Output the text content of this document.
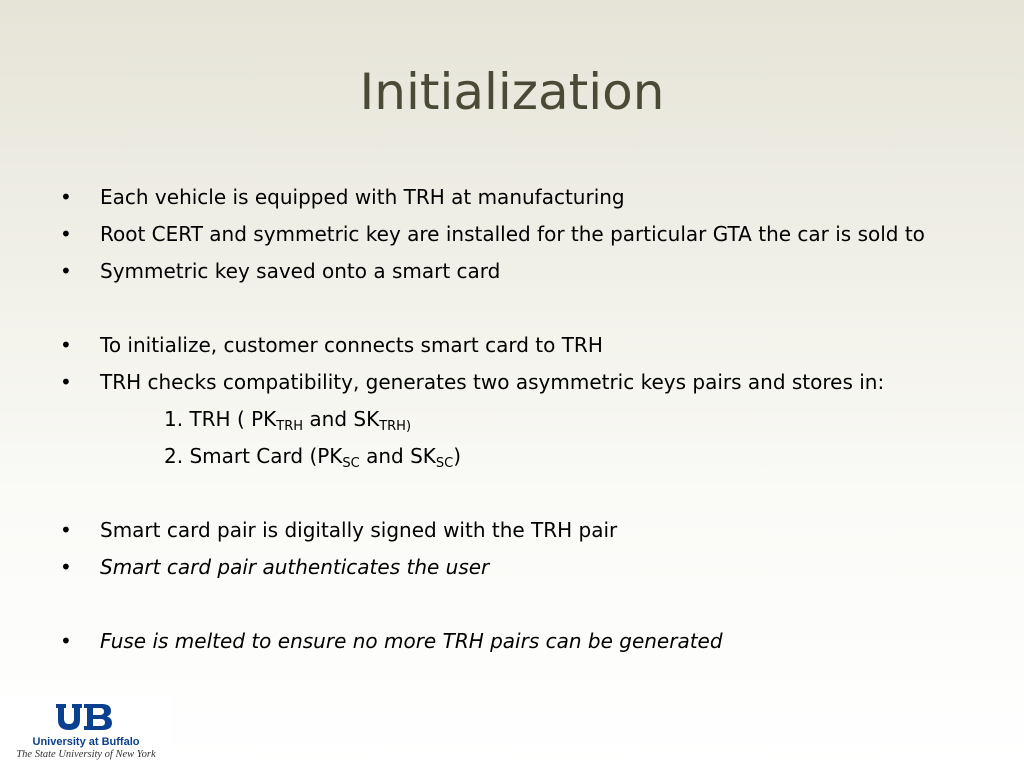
Initialization
• Each vehicle is equipped with TRH at manufacturing
• Root CERT and symmetric key are installed for the particular GTA the car is sold to
• Symmetric key saved onto a smart card
• To initialize, customer connects smart card to TRH
• TRH checks compatibility, generates two asymmetric keys pairs and stores in:
1. TRH ( $PK_{TRH}$ and $SK_{TRH)}$
2. Smart Card ($PK_{SC}$ and $SK_{SC}$)
• Smart card pair is digitally signed with the TRH pair
• Smart card pair authenticates the user
• Fuse is melted to ensure no more TRH pairs can be generated
University at Buffalo
The State University of New York
